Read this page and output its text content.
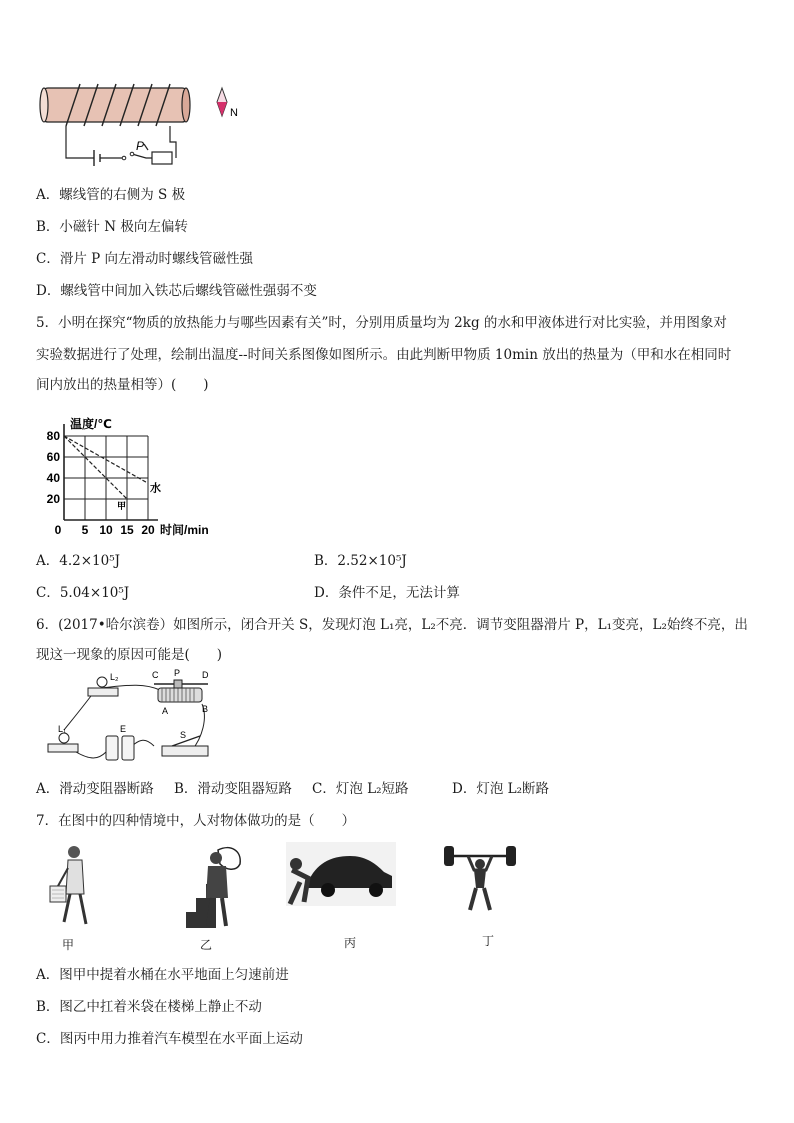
P
N
A．螺线管的右侧为 S 极
B．小磁针 N 极向左偏转
C．滑片 P 向左滑动时螺线管磁性强
D．螺线管中间加入铁芯后螺线管磁性强弱不变
5．小明在探究“物质的放热能力与哪些因素有关”时，分别用质量均为 2kg 的水和甲液体进行对比实验，并用图象对
实验数据进行了处理，绘制出温度--时间关系图像如图所示。由此判断甲物质 10min 放出的热量为（甲和水在相同时
间内放出的热量相等）(　　)
20
40
60
80
0 5 10 15 20
温度/℃
时间/min
甲
水
A．4.2×10⁵J	B．2.52×10⁵J
C．5.04×10⁵J	D．条件不足，无法计算
6．(2017•哈尔滨卷）如图所示，闭合开关 S，发现灯泡 L₁亮，L₂不亮．调节变阻器滑片 P，L₁变亮，L₂始终不亮，出
现这一现象的原因可能是(　　)
L₂	C P D
A	B
L₁	E
S
A．滑动变阻器断路 B．滑动变阻器短路 C．灯泡 L₂短路	D．灯泡 L₂断路
7．在图中的四种情境中，人对物体做功的是（　　）
甲	乙	丙	丁
A．图甲中提着水桶在水平地面上匀速前进
B．图乙中扛着米袋在楼梯上静止不动
C．图丙中用力推着汽车模型在水平面上运动
